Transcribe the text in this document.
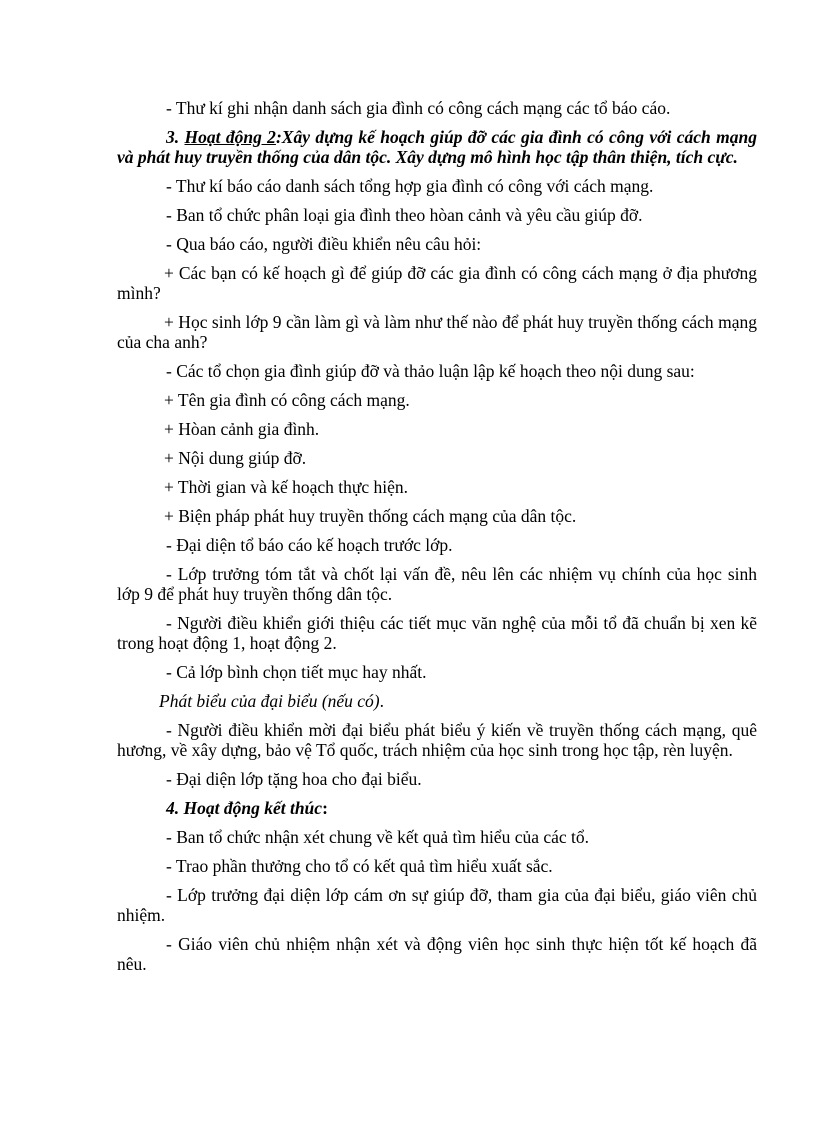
- Thư kí ghi nhận danh sách gia đình có công cách mạng các tổ báo cáo.

3. Hoạt động 2:Xây dựng kế hoạch giúp đỡ các gia đình có công với cách mạng và phát huy truyền thống của dân tộc. Xây dựng mô hình học tập thân thiện, tích cực.

- Thư kí báo cáo danh sách tổng hợp gia đình có công với cách mạng.

- Ban tổ chức phân loại gia đình theo hòan cảnh và yêu cầu giúp đỡ.

- Qua báo cáo, người điều khiển nêu câu hỏi:

+ Các bạn có kế hoạch gì để giúp đỡ các gia đình có công cách mạng ở địa phương mình?

+ Học sinh lớp 9 cần làm gì và làm như thế nào để phát huy truyền thống cách mạng của cha anh?

- Các tổ chọn gia đình giúp đỡ và thảo luận lập kế hoạch theo nội dung sau:

+ Tên gia đình có công cách mạng.

+ Hòan cảnh gia đình.

+ Nội dung giúp đỡ.

+ Thời gian và kế hoạch thực hiện.

+ Biện pháp phát huy truyền thống cách mạng của dân tộc.

- Đại diện tổ báo cáo kế hoạch trước lớp.

- Lớp trưởng tóm tắt và chốt lại vấn đề, nêu lên các nhiệm vụ chính của học sinh lớp 9 để phát huy truyền thống dân tộc.

- Người điều khiển giới thiệu các tiết mục văn nghệ của mỗi tổ đã chuẩn bị xen kẽ trong hoạt động 1, hoạt động 2.

- Cả lớp bình chọn tiết mục hay nhất.

Phát biểu của đại biểu (nếu có).

- Người điều khiển mời đại biểu phát biểu ý kiến về truyền thống cách mạng, quê hương, về xây dựng, bảo vệ Tổ quốc, trách nhiệm của học sinh trong học tập, rèn luyện.

- Đại diện lớp tặng hoa cho đại biểu.

4. Hoạt động kết thúc:

- Ban tổ chức nhận xét chung về kết quả tìm hiểu của các tổ.

- Trao phần thưởng cho tổ có kết quả tìm hiểu xuất sắc.

- Lớp trưởng đại diện lớp cám ơn sự giúp đỡ, tham gia của đại biểu, giáo viên chủ nhiệm.

- Giáo viên chủ nhiệm nhận xét và động viên học sinh thực hiện tốt kế hoạch đã nêu.
